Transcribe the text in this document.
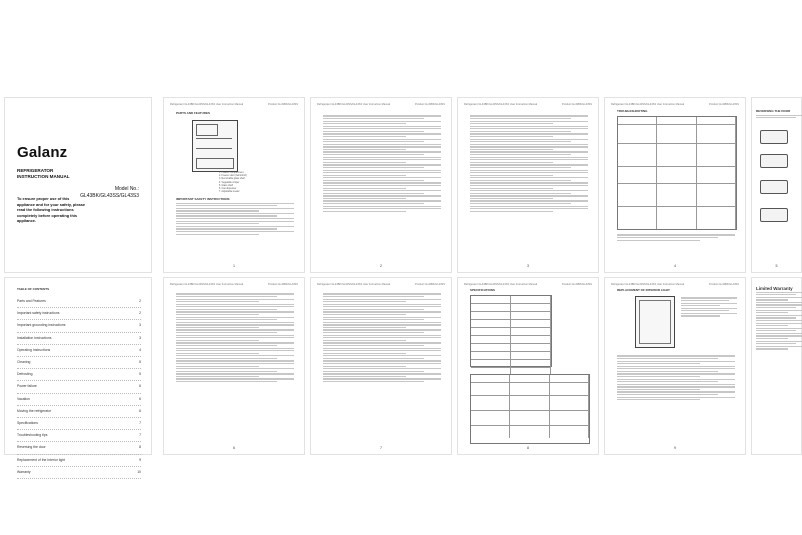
Galanz
REFRIGERATOR
INSTRUCTION MANUAL
Model No.:
GL43BK/GL43SS/GL43S3
To ensure proper use of this appliance and for your safety, please read the following instructions completely before operating this appliance.
Refrigerator GL43BK/GL43SS/GL43S3 User Instruction Manual	Product GL43BK/GL43SS
PARTS AND FEATURES
1. Freezer compartment
2. Freezer door (behind lid)
3. Removable glass shelf
4. Vegetable crisper
5. Glass shelf
6. Can dispenser
7. Adjustable leveler
IMPORTANT SAFETY INSTRUCTIONS
1
Refrigerator GL43BK/GL43SS/GL43S3 User Instruction Manual	Product GL43BK/GL43SS
2
Refrigerator GL43BK/GL43SS/GL43S3 User Instruction Manual	Product GL43BK/GL43SS
3
Refrigerator GL43BK/GL43SS/GL43S3 User Instruction Manual	Product GL43BK/GL43SS
TROUBLESHOOTING
4
REVERSING THE DOOR
5
TABLE OF CONTENTS
Parts and Features	2
Important safety instructions	2
Important grounding instructions	3
Installation Instructions	3
Operating Instructions	4
Cleaning	5
Defrosting	5
Power failure	6
Vacation	6
Moving the refrigerator	6
Specifications	7
Troubleshooting tips	7
Reversing the door	8
Replacement of the Interior light	9
Warranty	10
Refrigerator GL43BK/GL43SS/GL43S3 User Instruction Manual	Product GL43BK/GL43SS
6
Refrigerator GL43BK/GL43SS/GL43S3 User Instruction Manual	Product GL43BK/GL43SS
7
Refrigerator GL43BK/GL43SS/GL43S3 User Instruction Manual	Product GL43BK/GL43SS
SPECIFICATIONS
8
Refrigerator GL43BK/GL43SS/GL43S3 User Instruction Manual	Product GL43BK/GL43SS
REPLACEMENT OF INTERIOR LIGHT
9
Limited Warranty
